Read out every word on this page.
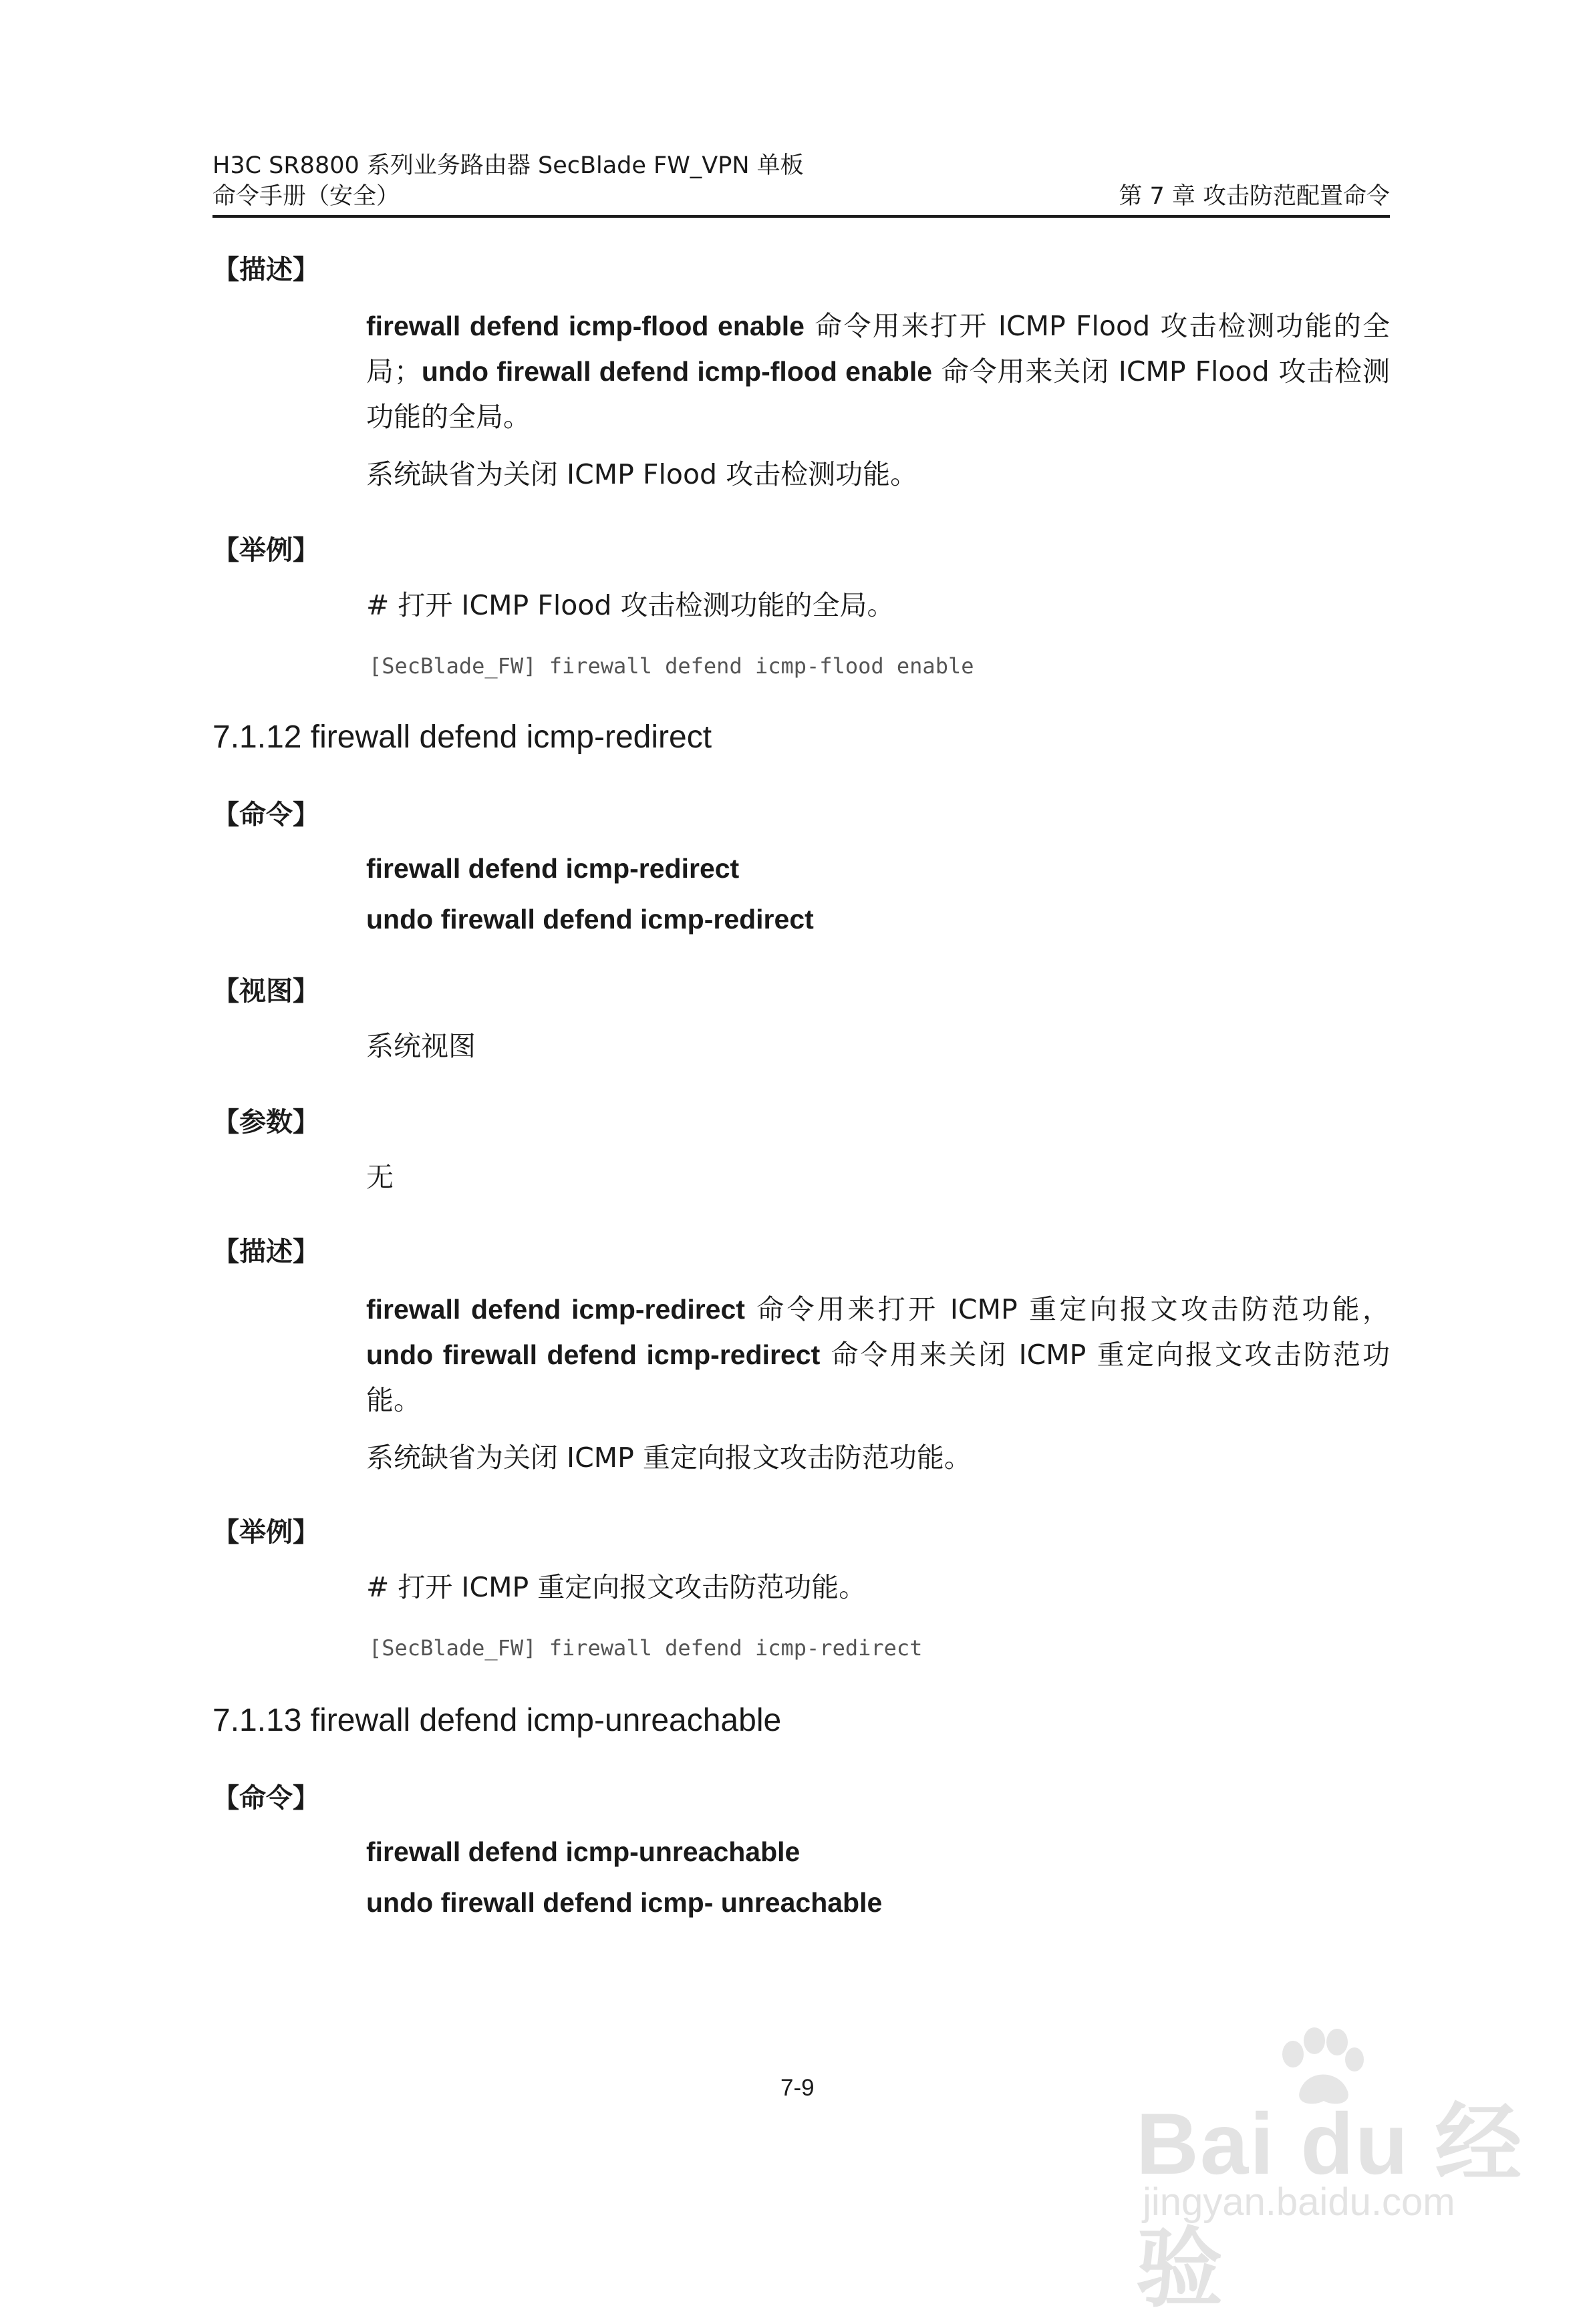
H3C SR8800 系列业务路由器 SecBlade FW_VPN 单板
命令手册（安全）	第 7 章 攻击防范配置命令
【描述】
firewall defend icmp-flood enable 命令用来打开 ICMP Flood 攻击检测功能的全局；undo firewall defend icmp-flood enable 命令用来关闭 ICMP Flood 攻击检测功能的全局。
系统缺省为关闭 ICMP Flood 攻击检测功能。
【举例】
# 打开 ICMP Flood 攻击检测功能的全局。
[SecBlade_FW] firewall defend icmp-flood enable
7.1.12 firewall defend icmp-redirect
【命令】
firewall defend icmp-redirect
undo firewall defend icmp-redirect
【视图】
系统视图
【参数】
无
【描述】
firewall defend icmp-redirect 命令用来打开 ICMP 重定向报文攻击防范功能，undo firewall defend icmp-redirect 命令用来关闭 ICMP 重定向报文攻击防范功能。
系统缺省为关闭 ICMP 重定向报文攻击防范功能。
【举例】
# 打开 ICMP 重定向报文攻击防范功能。
[SecBlade_FW] firewall defend icmp-redirect
7.1.13 firewall defend icmp-unreachable
【命令】
firewall defend icmp-unreachable
undo firewall defend icmp- unreachable
7-9
Bai du 经验
jingyan.baidu.com
